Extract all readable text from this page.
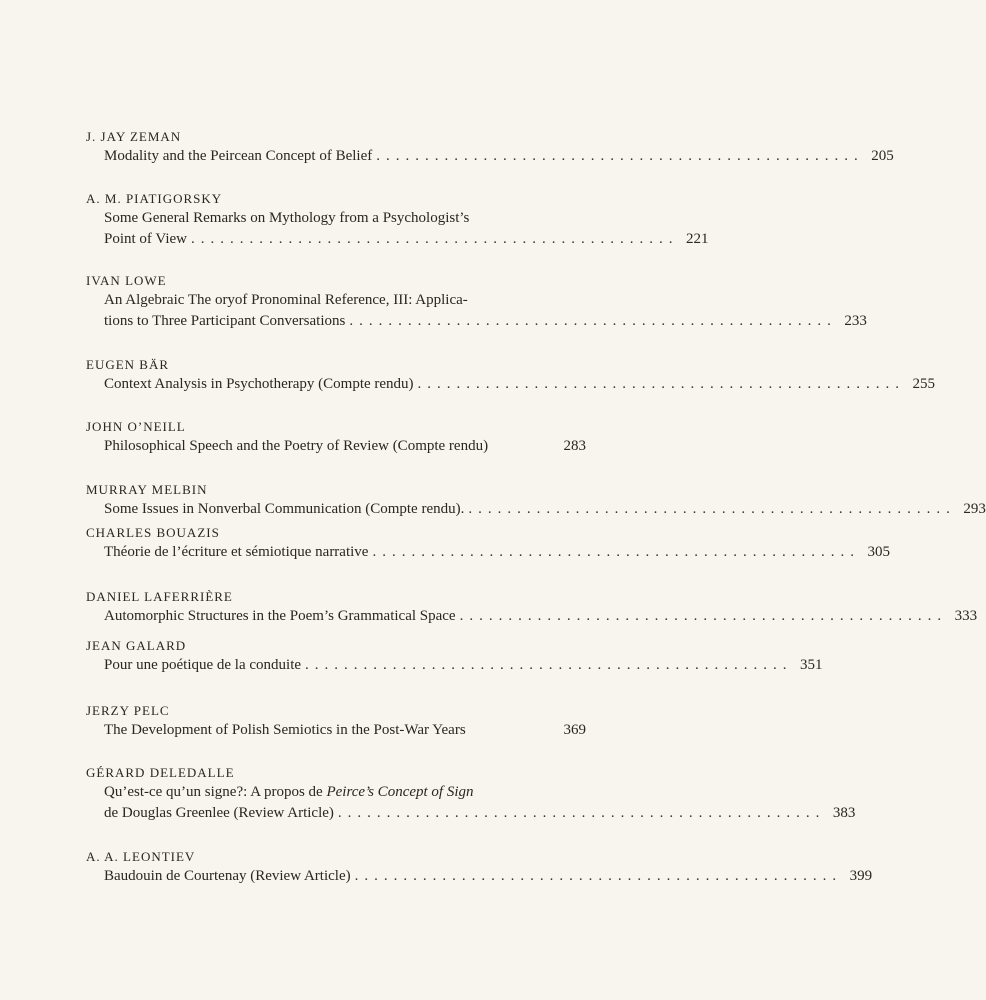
J. JAY ZEMAN
Modality and the Peircean Concept of Belief .................................................. 205
A. M. PIATIGORSKY
Some General Remarks on Mythology from a Psychologist’s
Point of View .................................................. 221
IVAN LOWE
An Algebraic The oryof Pronominal Reference, III: Applica-
tions to Three Participant Conversations .................................................. 233
EUGEN BÄR
Context Analysis in Psychotherapy (Compte rendu) .................................................. 255
JOHN O’NEILL
Philosophical Speech and the Poetry of Review (Compte rendu)	283
MURRAY MELBIN
Some Issues in Nonverbal Communication (Compte rendu). .................................................. 293
CHARLES BOUAZIS
Théorie de l’écriture et sémiotique narrative .................................................. 305
DANIEL LAFERRIÈRE
Automorphic Structures in the Poem’s Grammatical Space .................................................. 333
JEAN GALARD
Pour une poétique de la conduite .................................................. 351
JERZY PELC
The Development of Polish Semiotics in the Post-War Years	369
GÉRARD DELEDALLE
Qu’est-ce qu’un signe?: A propos de Peirce’s Concept of Sign
de Douglas Greenlee (Review Article) .................................................. 383
A. A. LEONTIEV
Baudouin de Courtenay (Review Article) .................................................. 399
